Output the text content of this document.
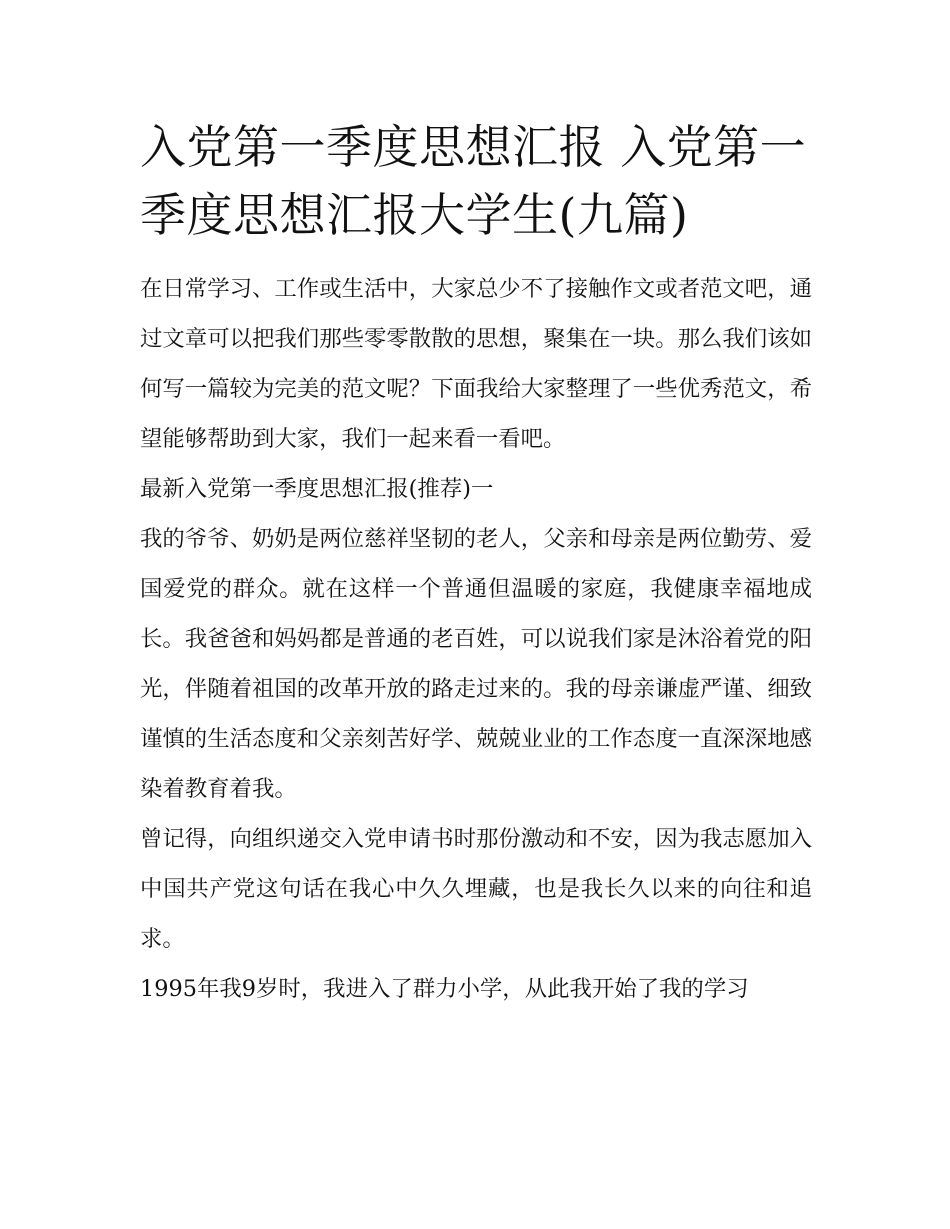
入党第一季度思想汇报 入党第一季度思想汇报大学生(九篇)

在日常学习、工作或生活中，大家总少不了接触作文或者范文吧，通过文章可以把我们那些零零散散的思想，聚集在一块。那么我们该如何写一篇较为完美的范文呢？下面我给大家整理了一些优秀范文，希望能够帮助到大家，我们一起来看一看吧。

最新入党第一季度思想汇报(推荐)一

我的爷爷、奶奶是两位慈祥坚韧的老人，父亲和母亲是两位勤劳、爱国爱党的群众。就在这样一个普通但温暖的家庭，我健康幸福地成长。我爸爸和妈妈都是普通的老百姓，可以说我们家是沐浴着党的阳光，伴随着祖国的改革开放的路走过来的。我的母亲谦虚严谨、细致谨慎的生活态度和父亲刻苦好学、兢兢业业的工作态度一直深深地感染着教育着我。

曾记得，向组织递交入党申请书时那份激动和不安，因为我志愿加入中国共产党这句话在我心中久久埋藏，也是我长久以来的向往和追求。

1995年我9岁时，我进入了群力小学，从此我开始了我的学习
